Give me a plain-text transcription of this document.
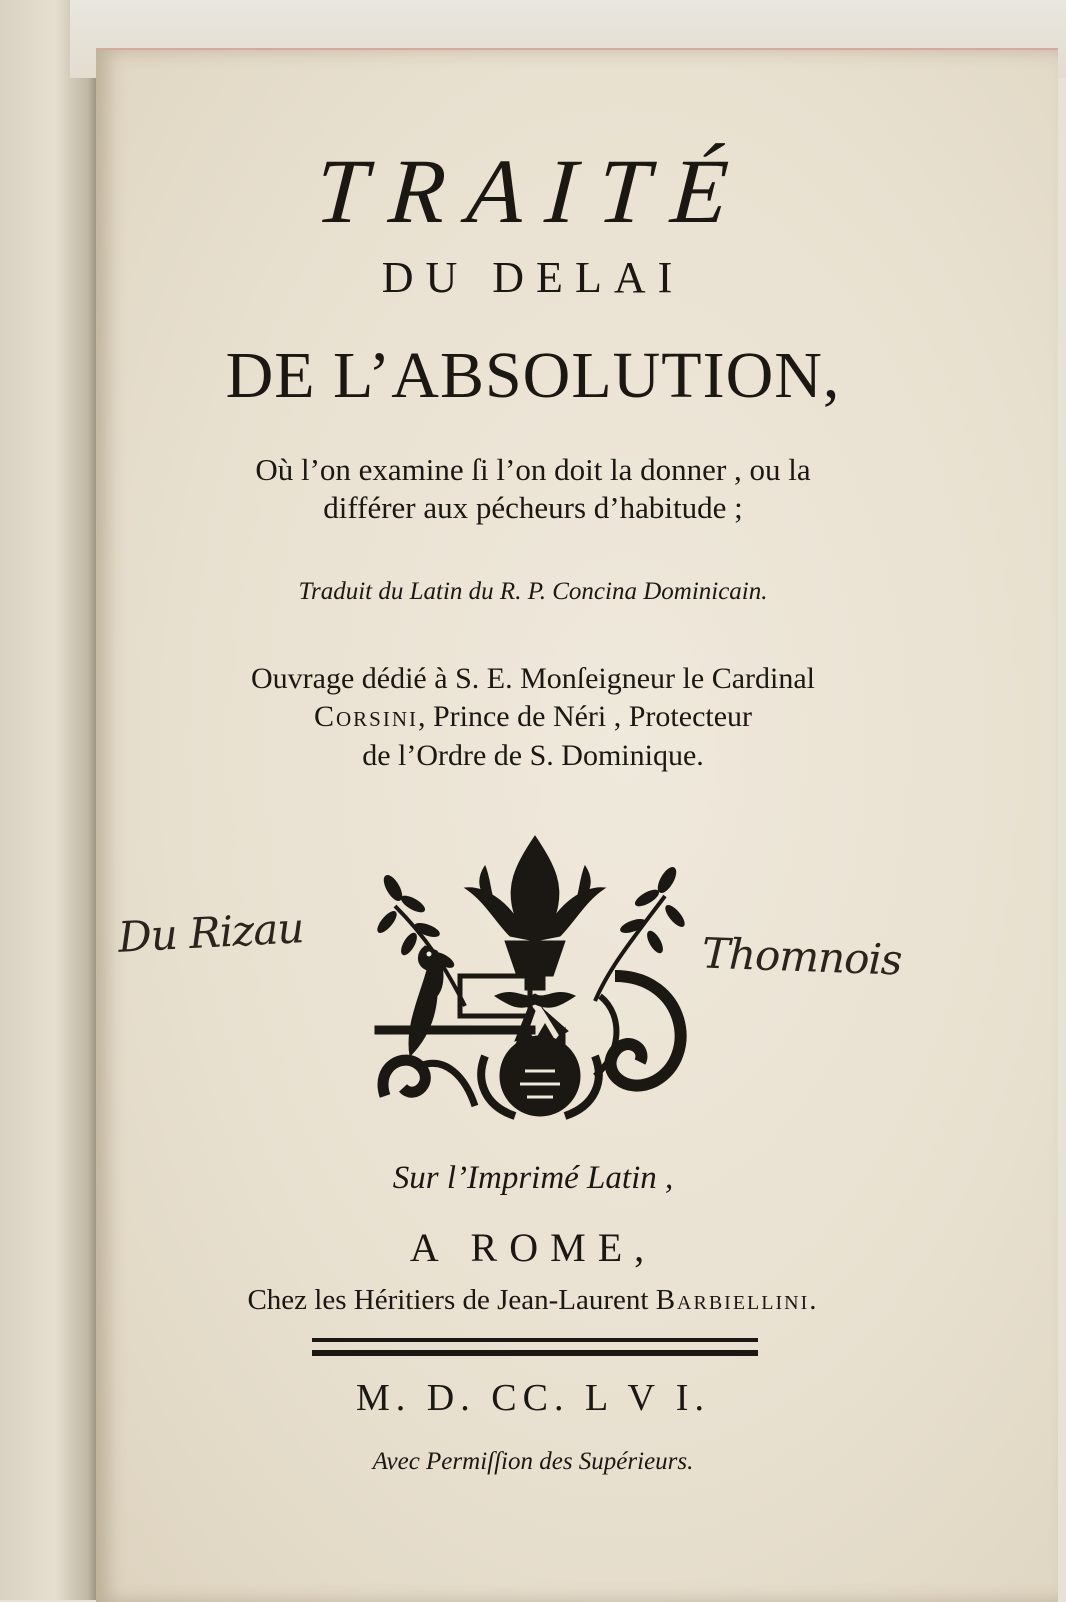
TRAITÉ
DU DELAI
DE L’ABSOLUTION,
Où l’on examine ſi l’on doit la donner , ou la
différer aux pécheurs d’habitude ;
Traduit du Latin du R. P. Concina Dominicain.
Ouvrage dédié à S. E. Monſeigneur le Cardinal
Corsini, Prince de Néri , Protecteur
de l’Ordre de S. Dominique.
Du Rizau	Thomnois
Sur l’Imprimé Latin ,
A ROME,
Chez les Héritiers de Jean-Laurent Barbiellini.
M. D. CC. L V I.
Avec Permiſſion des Supérieurs.
